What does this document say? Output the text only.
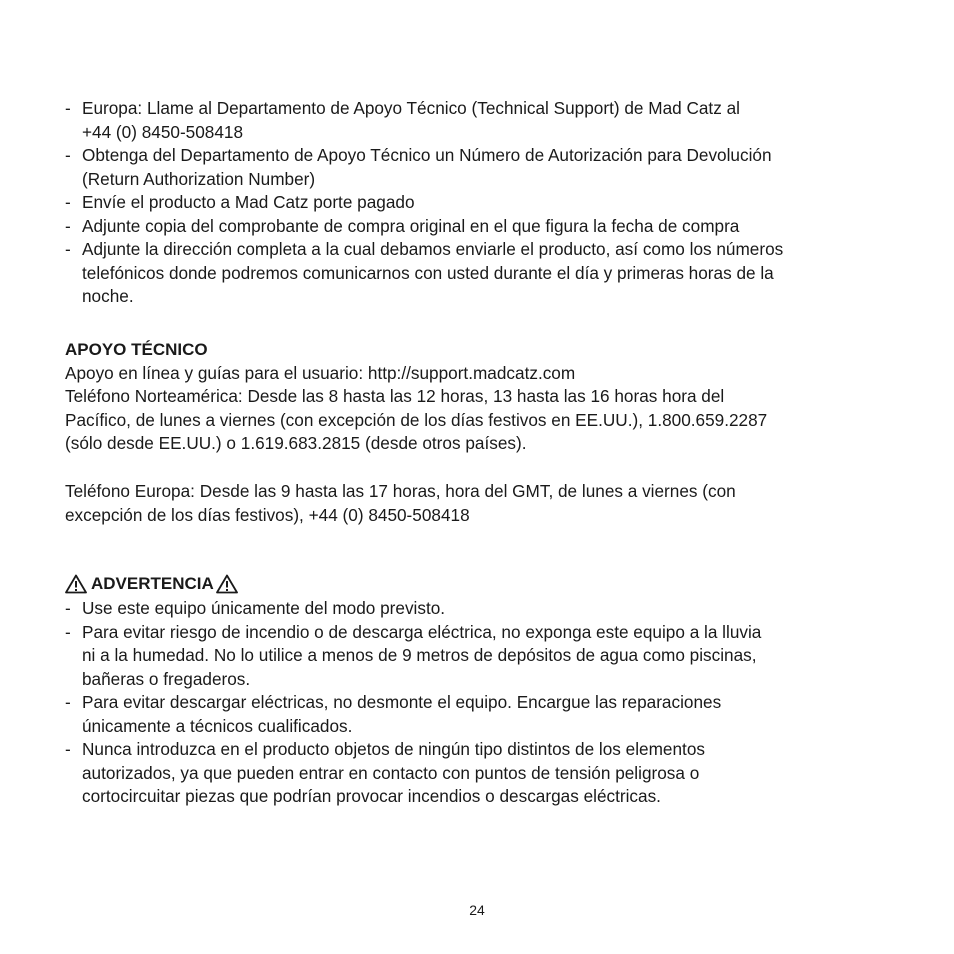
- Europa: Llame al Departamento de Apoyo Técnico (Technical Support) de Mad Catz al
+44 (0) 8450-508418
- Obtenga del Departamento de Apoyo Técnico un Número de Autorización para Devolución
(Return Authorization Number)
- Envíe el producto a Mad Catz porte pagado
- Adjunte copia del comprobante de compra original en el que figura la fecha de compra
- Adjunte la dirección completa a la cual debamos enviarle el producto, así como los números
telefónicos donde podremos comunicarnos con usted durante el día y primeras horas de la
noche.
APOYO TÉCNICO

Apoyo en línea y guías para el usuario: http://support.madcatz.com

Teléfono Norteamérica: Desde las 8 hasta las 12 horas, 13 hasta las 16 horas hora del
Pacífico, de lunes a viernes (con excepción de los días festivos en EE.UU.), 1.800.659.2287
(sólo desde EE.UU.) o 1.619.683.2815 (desde otros países).
Teléfono Europa: Desde las 9 hasta las 17 horas, hora del GMT, de lunes a viernes (con
excepción de los días festivos), +44 (0) 8450-508418
ADVERTENCIA
- Use este equipo únicamente del modo previsto.
- Para evitar riesgo de incendio o de descarga eléctrica, no exponga este equipo a la lluvia
ni a la humedad. No lo utilice a menos de 9 metros de depósitos de agua como piscinas,
bañeras o fregaderos.
- Para evitar descargar eléctricas, no desmonte el equipo. Encargue las reparaciones
únicamente a técnicos cualificados.
- Nunca introduzca en el producto objetos de ningún tipo distintos de los elementos
autorizados, ya que pueden entrar en contacto con puntos de tensión peligrosa o
cortocircuitar piezas que podrían provocar incendios o descargas eléctricas.
24
